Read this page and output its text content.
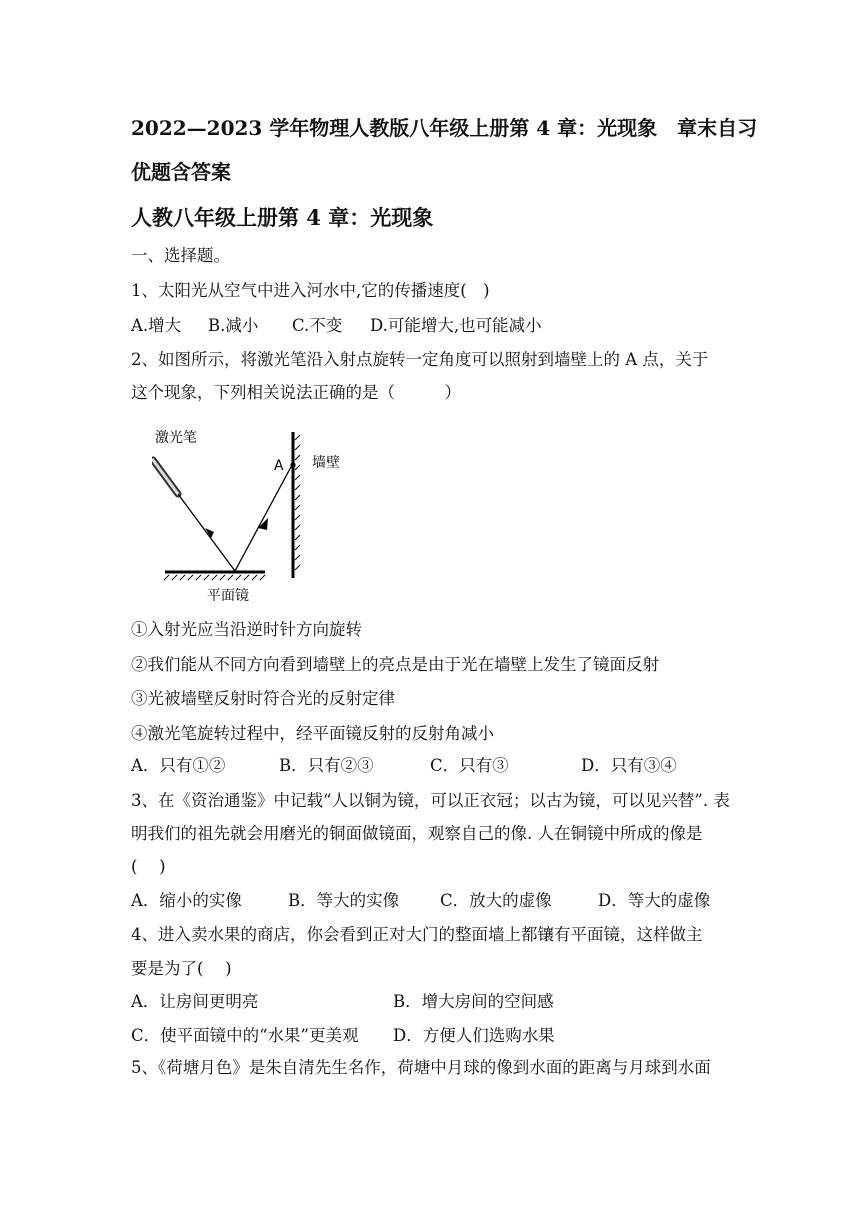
2022—2023 学年物理人教版八年级上册第 4 章：光现象　章末自习
优题含答案
人教八年级上册第 4 章：光现象
一、选择题。
1、太阳光从空气中进入河水中,它的传播速度(　)
A.增大 B.减小 C.不变 D.可能增大,也可能减小
2、如图所示，将激光笔沿入射点旋转一定角度可以照射到墙壁上的 A 点，关于
这个现象，下列相关说法正确的是（　　　）
激光笔
A 墙壁
平面镜
①入射光应当沿逆时针方向旋转
②我们能从不同方向看到墙壁上的亮点是由于光在墙壁上发生了镜面反射
③光被墙壁反射时符合光的反射定律
④激光笔旋转过程中，经平面镜反射的反射角减小
A．只有①②	B．只有②③	C．只有③	D．只有③④
3、在《资治通鉴》中记载“人以铜为镜，可以正衣冠；以古为镜，可以见兴替”. 表
明我们的祖先就会用磨光的铜面做镜面，观察自己的像. 人在铜镜中所成的像是
(　 )
A．缩小的实像	B．等大的实像 C．放大的虚像	D．等大的虚像
4、进入卖水果的商店，你会看到正对大门的整面墙上都镶有平面镜，这样做主
要是为了(　 )
A．让房间更明亮	B．增大房间的空间感
C．使平面镜中的“水果”更美观 D．方便人们选购水果
5、《荷塘月色》是朱自清先生名作，荷塘中月球的像到水面的距离与月球到水面
